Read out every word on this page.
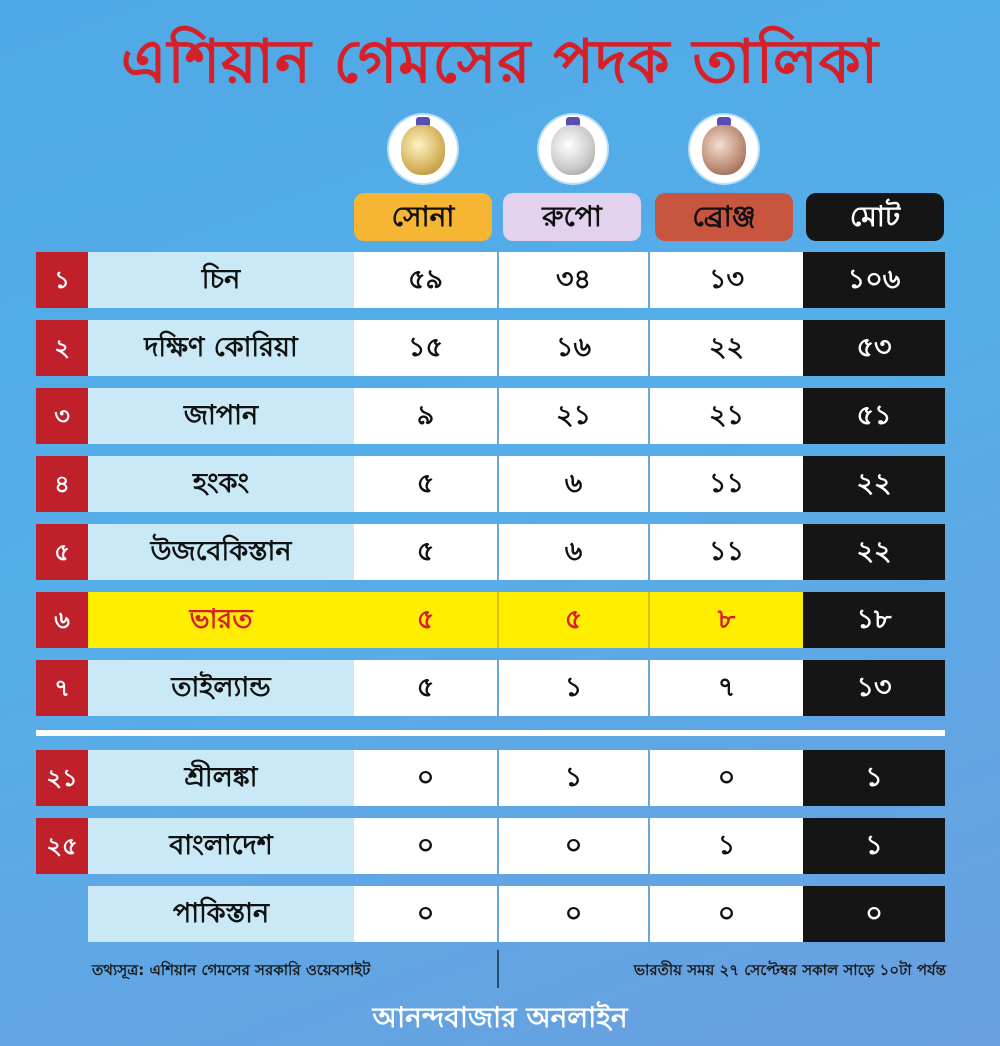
এশিয়ান গেমসের পদক তালিকা
সোনা	রুপো	ব্রোঞ্জ	মোট
১	চিন	৫৯	৩৪	১৩	১০৬
২	দক্ষিণ কোরিয়া	১৫	১৬	২২	৫৩
৩	জাপান	৯	২১	২১	৫১
৪	হংকং	৫	৬	১১	২২
৫	উজবেকিস্তান	৫	৬	১১	২২
৬	ভারত	৫	৫	৮	১৮
৭	তাইল্যান্ড	৫	১	৭	১৩
২১	শ্রীলঙ্কা	০	১	০	১
২৫	বাংলাদেশ	০	০	১	১
পাকিস্তান	০	০	০	০
তথ্যসূত্র: এশিয়ান গেমসের সরকারি ওয়েবসাইট	ভারতীয় সময় ২৭ সেপ্টেম্বর সকাল সাড়ে ১০টা পর্যন্ত
আনন্দবাজার অনলাইন
